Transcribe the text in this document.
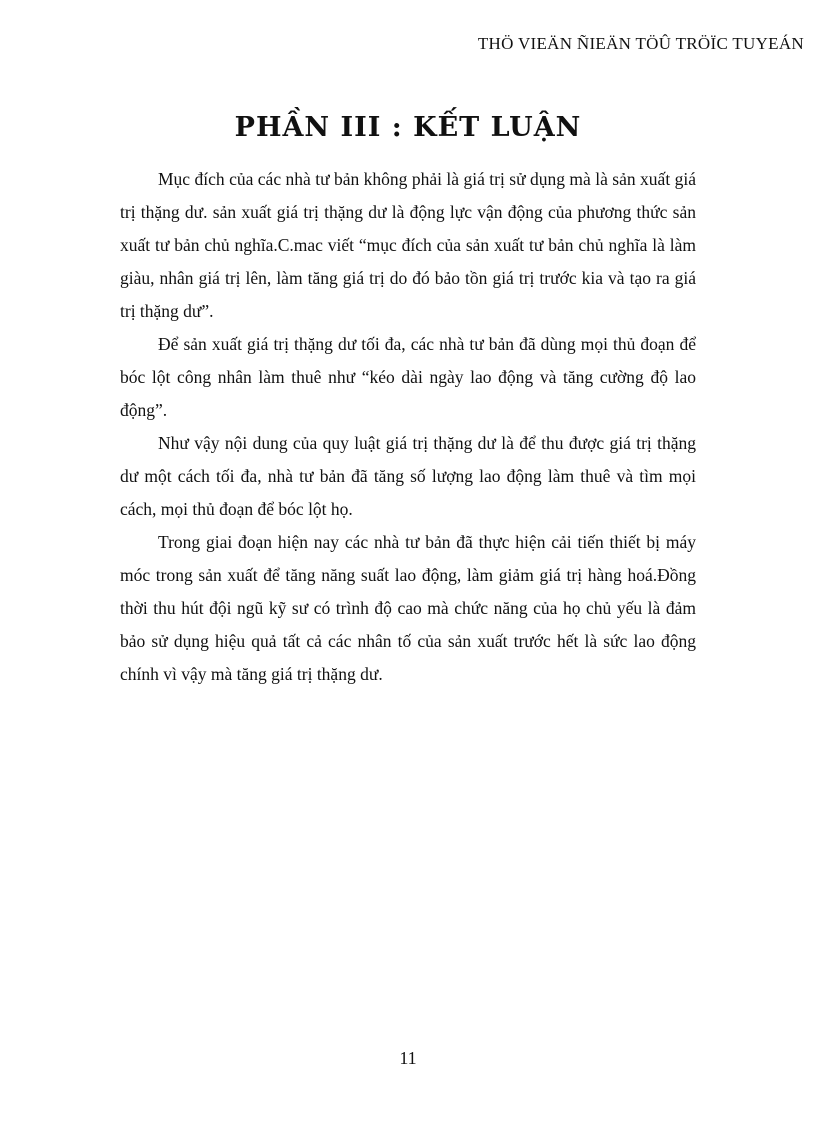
THÖ VIEÄN ÑIEÄN TÖÛ TRÖÏC TUYEÁN
PHẦN III : KẾT LUẬN

Mục đích của các nhà tư bản không phải là giá trị sử dụng mà là sản xuất giá trị thặng dư. sản xuất giá trị thặng dư là động lực vận động của phương thức sản xuất tư bản chủ nghĩa.C.mac viết “mục đích của sản xuất tư bản chủ nghĩa là làm giàu, nhân giá trị lên, làm tăng giá trị do đó bảo tồn giá trị trước kia và tạo ra giá trị thặng dư”.

Để sản xuất giá trị thặng dư tối đa, các nhà tư bản đã dùng mọi thủ đoạn để bóc lột công nhân làm thuê như “kéo dài ngày lao động và tăng cường độ lao động”.

Như vậy nội dung của quy luật giá trị thặng dư là để thu được giá trị thặng dư một cách tối đa, nhà tư bản đã tăng số lượng lao động làm thuê và tìm mọi cách, mọi thủ đoạn để bóc lột họ.

Trong giai đoạn hiện nay các nhà tư bản đã thực hiện cải tiến thiết bị máy móc trong sản xuất để tăng năng suất lao động, làm giảm giá trị hàng hoá.Đồng thời thu hút đội ngũ kỹ sư có trình độ cao mà chức năng của họ chủ yếu là đảm bảo sử dụng hiệu quả tất cả các nhân tố của sản xuất trước hết là sức lao động chính vì vậy mà tăng giá trị thặng dư.

11
